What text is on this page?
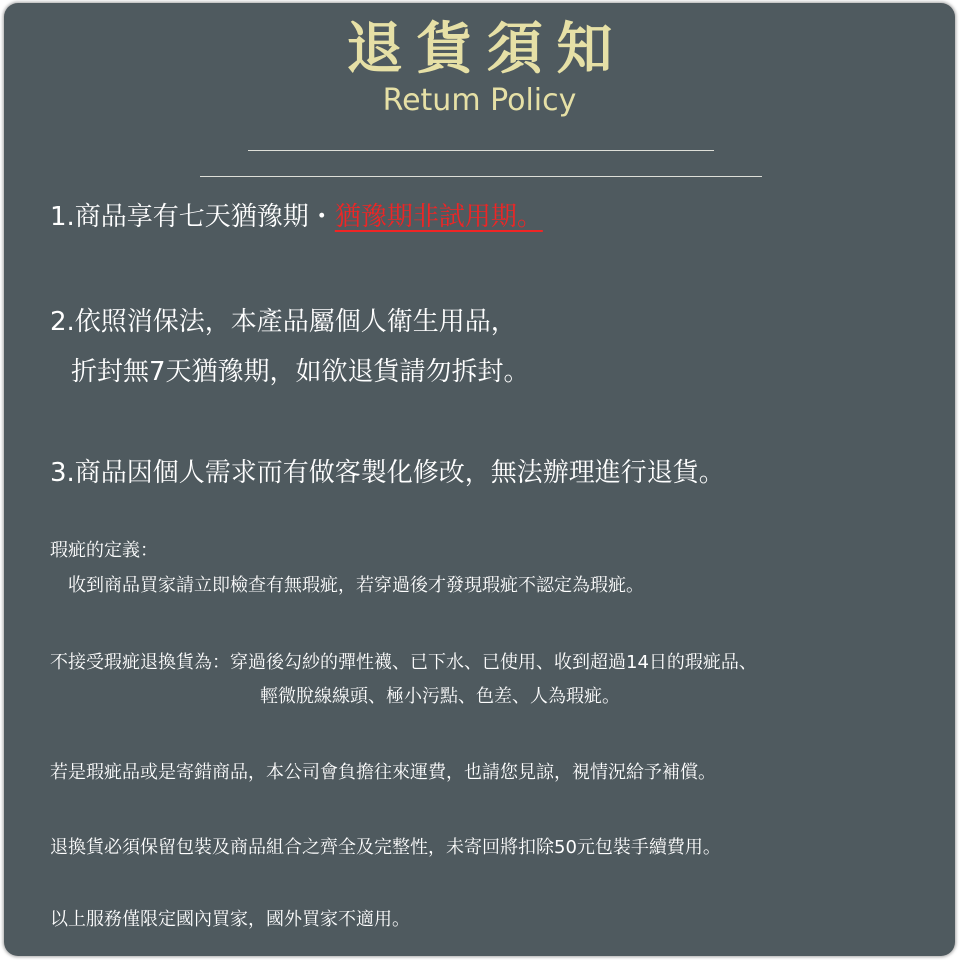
退貨須知
Retum Policy
1.商品享有七天猶豫期・猶豫期非試用期。
2.依照消保法，本產品屬個人衛生用品，
折封無7天猶豫期，如欲退貨請勿拆封。
3.商品因個人需求而有做客製化修改，無法辦理進行退貨。
瑕疵的定義：
收到商品買家請立即檢查有無瑕疵，若穿過後才發現瑕疵不認定為瑕疵。
不接受瑕疵退換貨為：穿過後勾紗的彈性襪、已下水、已使用、收到超過14日的瑕疵品、
輕微脫線線頭、極小污點、色差、人為瑕疵。
若是瑕疵品或是寄錯商品，本公司會負擔往來運費，也請您見諒，視情況給予補償。
退換貨必須保留包裝及商品組合之齊全及完整性，未寄回將扣除50元包裝手續費用。
以上服務僅限定國內買家，國外買家不適用。
